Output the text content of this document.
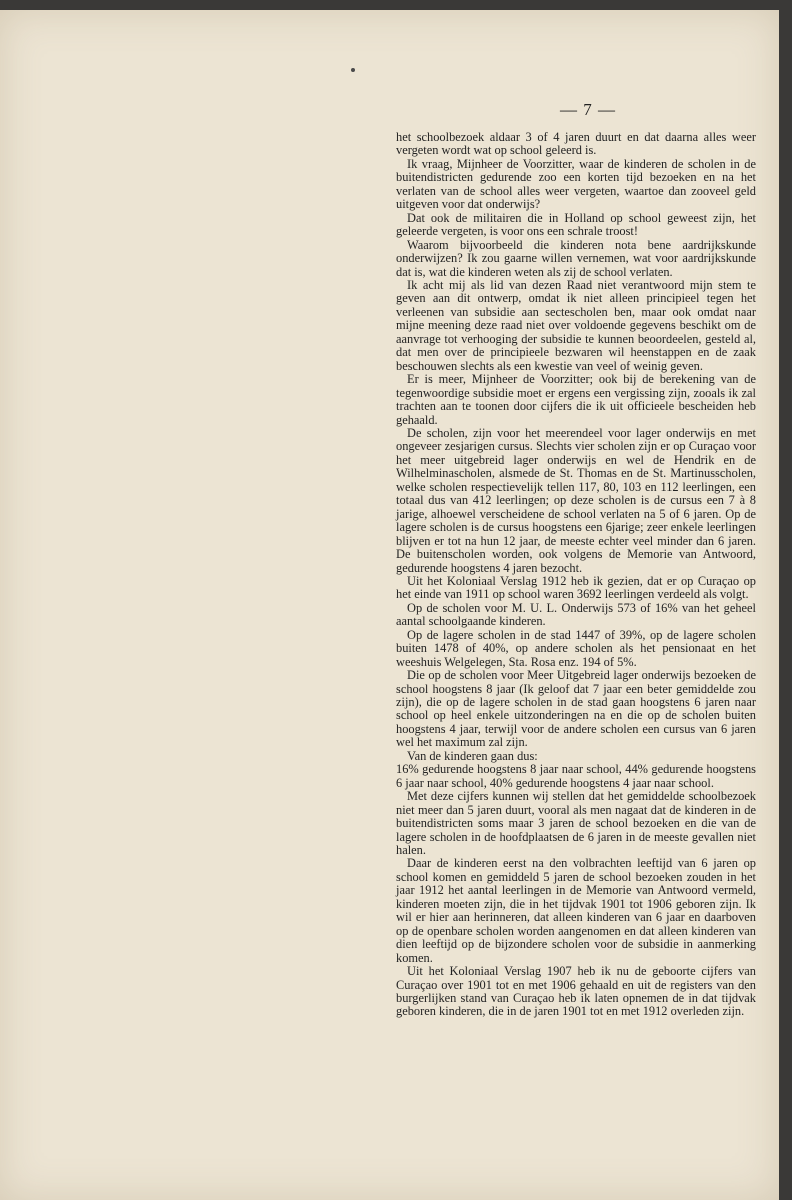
— 7 —

het schoolbezoek aldaar 3 of 4 jaren duurt en dat daarna alles weer vergeten wordt wat op school geleerd is.

Ik vraag, Mijnheer de Voorzitter, waar de kinderen de scholen in de buitendistricten gedurende zoo een korten tijd bezoeken en na het verlaten van de school alles weer vergeten, waartoe dan zooveel geld uitgeven voor dat onderwijs?

Dat ook de militairen die in Holland op school geweest zijn, het geleerde vergeten, is voor ons een schrale troost!

Waarom bijvoorbeeld die kinderen nota bene aardrijkskunde onderwijzen? Ik zou gaarne willen vernemen, wat voor aardrijkskunde dat is, wat die kinderen weten als zij de school verlaten.

Ik acht mij als lid van dezen Raad niet verantwoord mijn stem te geven aan dit ontwerp, omdat ik niet alleen principieel tegen het verleenen van subsidie aan sectescholen ben, maar ook omdat naar mijne meening deze raad niet over voldoende gegevens beschikt om de aanvrage tot verhooging der subsidie te kunnen beoordeelen, gesteld al, dat men over de principieele bezwaren wil heenstappen en de zaak beschouwen slechts als een kwestie van veel of weinig geven.

Er is meer, Mijnheer de Voorzitter; ook bij de berekening van de tegenwoordige subsidie moet er ergens een vergissing zijn, zooals ik zal trachten aan te toonen door cijfers die ik uit officieele bescheiden heb gehaald.

De scholen, zijn voor het meerendeel voor lager onderwijs en met ongeveer zesjarigen cursus. Slechts vier scholen zijn er op Curaçao voor het meer uitgebreid lager onderwijs en wel de Hendrik en de Wilhelminascholen, alsmede de St. Thomas en de St. Martinusscholen, welke scholen respectievelijk tellen 117, 80, 103 en 112 leerlingen, een totaal dus van 412 leerlingen; op deze scholen is de cursus een 7 à 8 jarige, alhoewel verscheidene de school verlaten na 5 of 6 jaren. Op de lagere scholen is de cursus hoogstens een 6jarige; zeer enkele leerlingen blijven er tot na hun 12 jaar, de meeste echter veel minder dan 6 jaren. De buitenscholen worden, ook volgens de Memorie van Antwoord, gedurende hoogstens 4 jaren bezocht.

Uit het Koloniaal Verslag 1912 heb ik gezien, dat er op Curaçao op het einde van 1911 op school waren 3692 leerlingen verdeeld als volgt.

Op de scholen voor M. U. L. Onderwijs 573 of 16% van het geheel aantal schoolgaande kinderen.

Op de lagere scholen in de stad 1447 of 39%, op de lagere scholen buiten 1478 of 40%, op andere scholen als het pensionaat en het weeshuis Welgelegen, Sta. Rosa enz. 194 of 5%.

Die op de scholen voor Meer Uitgebreid lager onderwijs bezoeken de school hoogstens 8 jaar (Ik geloof dat 7 jaar een beter gemiddelde zou zijn), die op de lagere scholen in de stad gaan hoogstens 6 jaren naar school op heel enkele uitzonderingen na en die op de scholen buiten hoogstens 4 jaar, terwijl voor de andere scholen een cursus van 6 jaren wel het maximum zal zijn.

Van de kinderen gaan dus:

16% gedurende hoogstens 8 jaar naar school, 44% gedurende hoogstens 6 jaar naar school, 40% gedurende hoogstens 4 jaar naar school.

Met deze cijfers kunnen wij stellen dat het gemiddelde schoolbezoek niet meer dan 5 jaren duurt, vooral als men nagaat dat de kinderen in de buitendistricten soms maar 3 jaren de school bezoeken en die van de lagere scholen in de hoofdplaatsen de 6 jaren in de meeste gevallen niet halen.

Daar de kinderen eerst na den volbrachten leeftijd van 6 jaren op school komen en gemiddeld 5 jaren de school bezoeken zouden in het jaar 1912 het aantal leerlingen in de Memorie van Antwoord vermeld, kinderen moeten zijn, die in het tijdvak 1901 tot 1906 geboren zijn. Ik wil er hier aan herinneren, dat alleen kinderen van 6 jaar en daarboven op de openbare scholen worden aangenomen en dat alleen kinderen van dien leeftijd op de bijzondere scholen voor de subsidie in aanmerking komen.

Uit het Koloniaal Verslag 1907 heb ik nu de geboorte cijfers van Curaçao over 1901 tot en met 1906 gehaald en uit de registers van den burgerlijken stand van Curaçao heb ik laten opnemen de in dat tijdvak geboren kinderen, die in de jaren 1901 tot en met 1912 overleden zijn.
